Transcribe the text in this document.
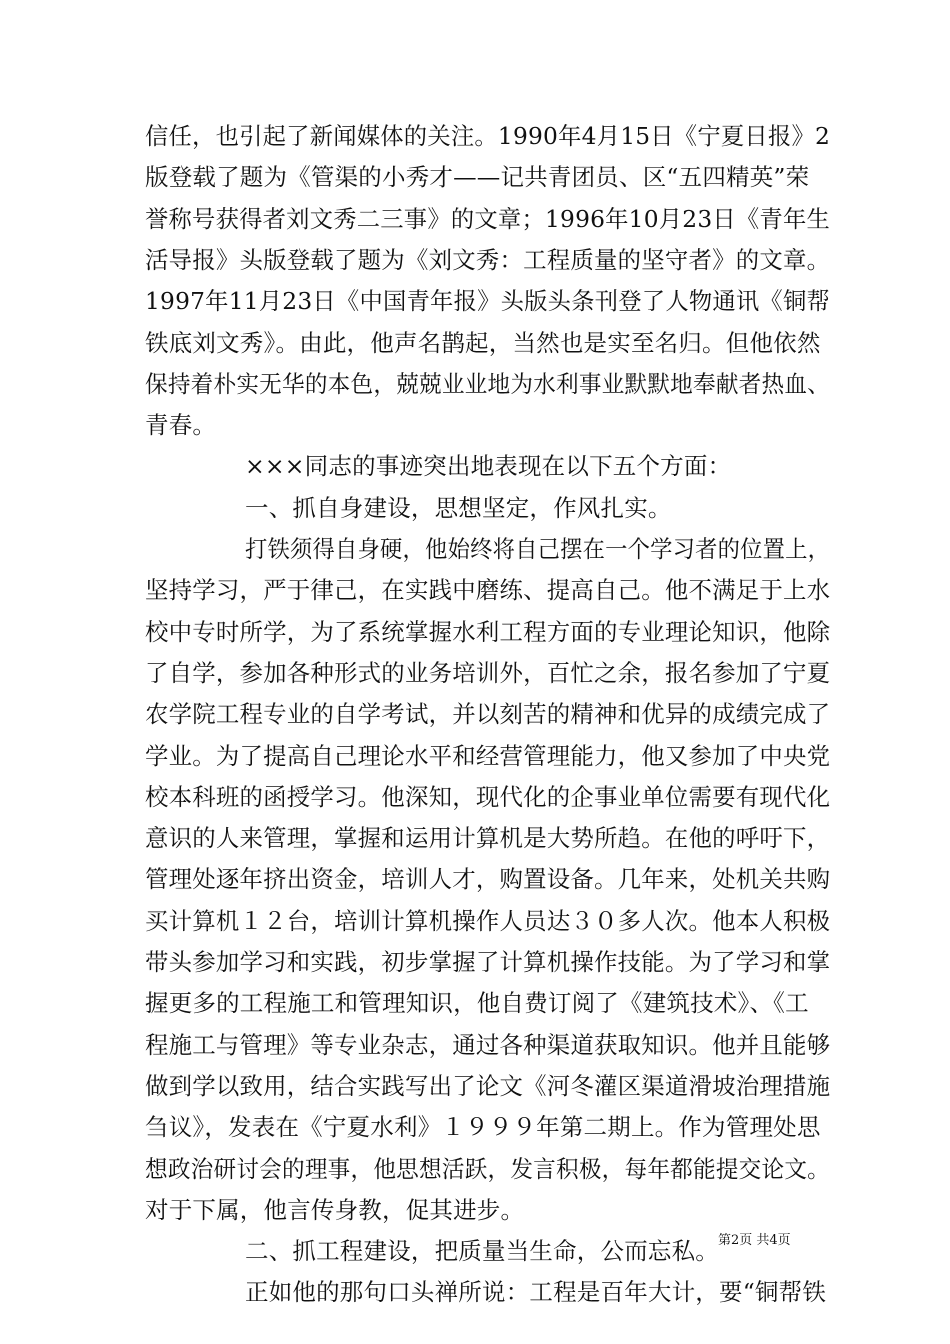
信任，也引起了新闻媒体的关注。1990年4月15日《宁夏日报》2
版登载了题为《管渠的小秀才——记共青团员、区“五四精英”荣
誉称号获得者刘文秀二三事》的文章；1996年10月23日《青年生
活导报》头版登载了题为《刘文秀：工程质量的坚守者》的文章。
1997年11月23日《中国青年报》头版头条刊登了人物通讯《铜帮
铁底刘文秀》。由此，他声名鹊起，当然也是实至名归。但他依然
保持着朴实无华的本色，兢兢业业地为水利事业默默地奉献者热血、
青春。
×××同志的事迹突出地表现在以下五个方面：
一、抓自身建设，思想坚定，作风扎实。
打铁须得自身硬，他始终将自己摆在一个学习者的位置上，
坚持学习，严于律己，在实践中磨练、提高自己。他不满足于上水
校中专时所学，为了系统掌握水利工程方面的专业理论知识，他除
了自学，参加各种形式的业务培训外，百忙之余，报名参加了宁夏
农学院工程专业的自学考试，并以刻苦的精神和优异的成绩完成了
学业。为了提高自己理论水平和经营管理能力，他又参加了中央党
校本科班的函授学习。他深知，现代化的企事业单位需要有现代化
意识的人来管理，掌握和运用计算机是大势所趋。在他的呼吁下，
管理处逐年挤出资金，培训人才，购置设备。几年来，处机关共购
买计算机１２台，培训计算机操作人员达３０多人次。他本人积极
带头参加学习和实践，初步掌握了计算机操作技能。为了学习和掌
握更多的工程施工和管理知识，他自费订阅了《建筑技术》、《工
程施工与管理》等专业杂志，通过各种渠道获取知识。他并且能够
做到学以致用，结合实践写出了论文《河冬灌区渠道滑坡治理措施
刍议》，发表在《宁夏水利》１９９９年第二期上。作为管理处思
想政治研讨会的理事，他思想活跃，发言积极，每年都能提交论文。
对于下属，他言传身教，促其进步。
二、抓工程建设，把质量当生命，公而忘私。
正如他的那句口头禅所说：工程是百年大计，要“铜帮铁
第2页 共4页
